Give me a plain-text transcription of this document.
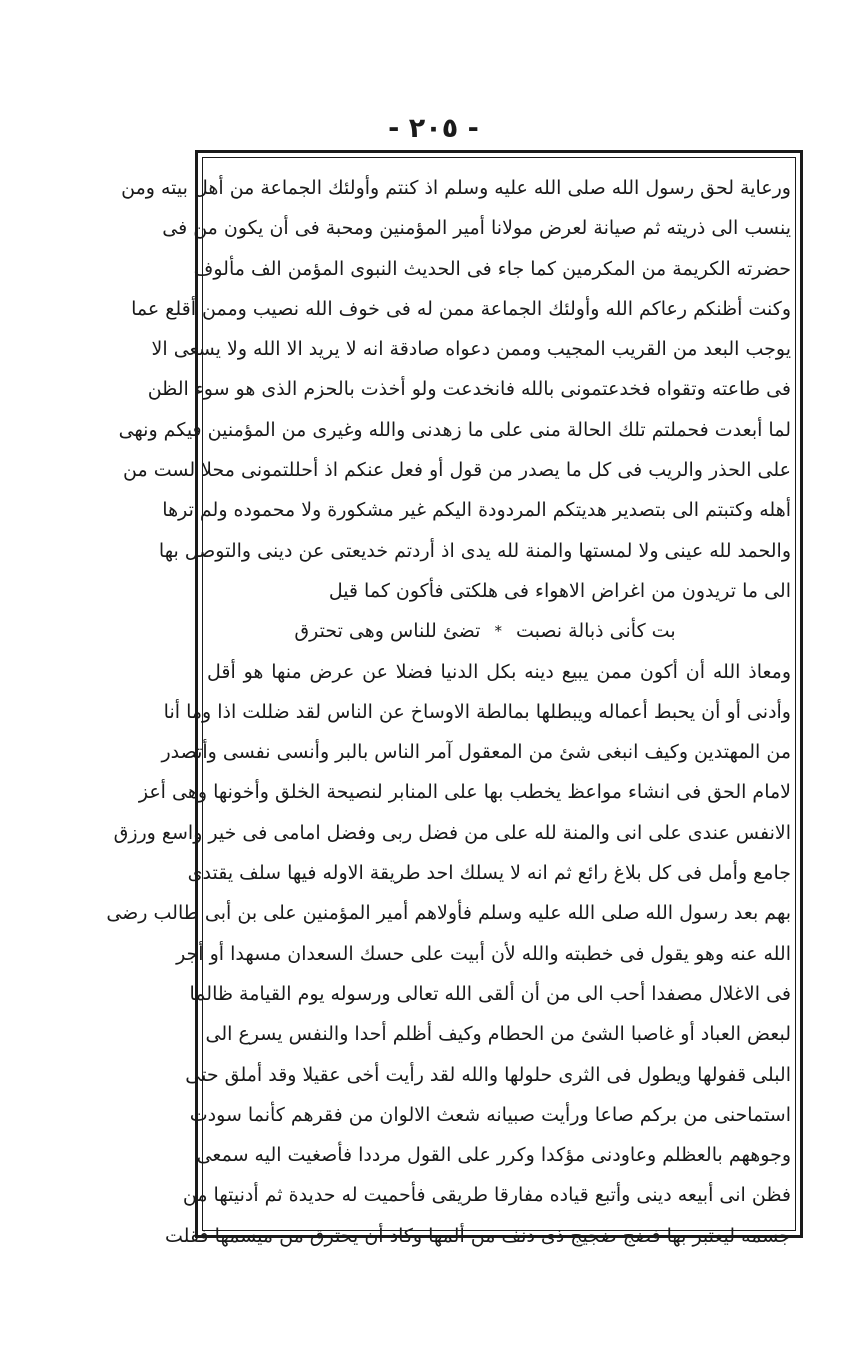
- ٢٠٥ -
ورعاية لحق رسول الله صلى الله عليه وسلم اذ كنتم وأولئك الجماعة من أهل بيته ومن
ينسب الى ذريته ثم صيانة لعرض مولانا أمير المؤمنين ومحبة فى أن يكون من فى
حضرته الكريمة من المكرمين كما جاء فى الحديث النبوى المؤمن الف مألوف
وكنت أظنكم رعاكم الله وأولئك الجماعة ممن له فى خوف الله نصيب وممن أقلع عما
يوجب البعد من القريب المجيب وممن دعواه صادقة انه لا يريد الا الله ولا يسعى الا
فى طاعته وتقواه فخدعتمونى بالله فانخدعت ولو أخذت بالحزم الذى هو سوء الظن
لما أبعدت فحملتم تلك الحالة منى على ما زهدنى والله وغيرى من المؤمنين فيكم ونهى
على الحذر والريب فى كل ما يصدر من قول أو فعل عنكم اذ أحللتمونى محلا لست من
أهله وكتبتم الى بتصدير هديتكم المردودة اليكم غير مشكورة ولا محموده ولم ترها
والحمد لله عينى ولا لمستها والمنة لله يدى اذ أردتم خديعتى عن دينى والتوصل بها
الى ما تريدون من اغراض الاهواء فى هلكتى فأكون كما قيل
بت كأنى ذبالة نصبت
*
تضئ للناس وهى تحترق
ومعاذ الله أن أكون ممن يبيع دينه بكل الدنيا فضلا عن عرض منها هو أقل
وأدنى أو أن يحبط أعماله ويبطلها بمالطة الاوساخ عن الناس لقد ضللت اذا وما أنا
من المهتدين وكيف انبغى شئ من المعقول آمر الناس بالبر وأنسى نفسى وأتصدر
لامام الحق فى انشاء مواعظ يخطب بها على المنابر لنصيحة الخلق وأخونها وهى أعز
الانفس عندى على انى والمنة لله على من فضل ربى وفضل امامى فى خير واسع ورزق
جامع وأمل فى كل بلاغ رائع ثم انه لا يسلك احد طريقة الاوله فيها سلف يقتدى
بهم بعد رسول الله صلى الله عليه وسلم فأولاهم أمير المؤمنين على بن أبى طالب رضى
الله عنه وهو يقول فى خطبته والله لأن أبيت على حسك السعدان مسهدا أو أجر
فى الاغلال مصفدا أحب الى من أن ألقى الله تعالى ورسوله يوم القيامة ظالما
لبعض العباد أو غاصبا الشئ من الحطام وكيف أظلم أحدا والنفس يسرع الى
البلى قفولها ويطول فى الثرى حلولها والله لقد رأيت أخى عقيلا وقد أملق حتى
استماحنى من بركم صاعا ورأيت صبيانه شعث الالوان من فقرهم كأنما سودت
وجوههم بالعظلم وعاودنى مؤكدا وكرر على القول مرددا فأصغيت اليه سمعى
فظن انى أبيعه دينى وأتبع قياده مفارقا طريقى فأحميت له حديدة ثم أدنيتها من
جسمه ليعتبر بها فضج ضجيج ذى دنف من ألمها وكاد أن يحترق من ميسمها فقلت
